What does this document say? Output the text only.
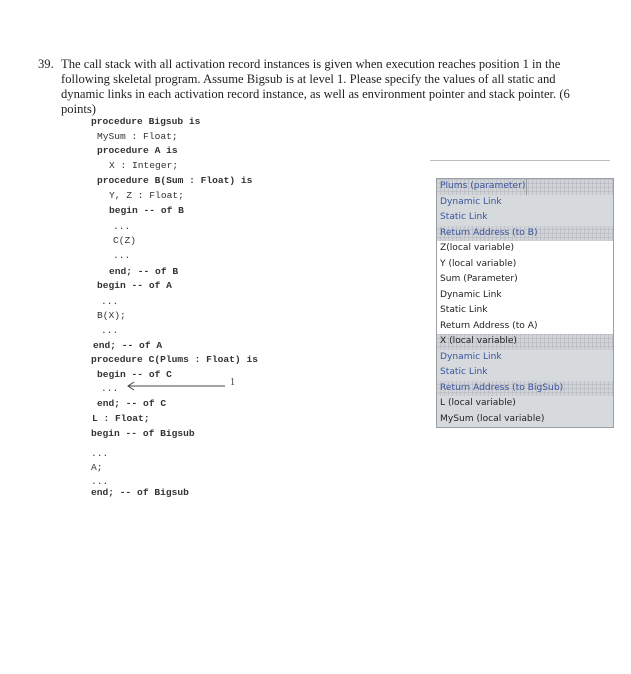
39. The call stack with all activation record instances is given when execution reaches position 1 in the following skeletal program. Assume Bigsub is at level 1. Please specify the values of all static and dynamic links in each activation record instance, as well as environment pointer and stack pointer. (6 points)
procedure Bigsub is
MySum : Float;
procedure A is
X : Integer;
procedure B(Sum : Float) is
Y, Z : Float;
begin -- of B
...
C(Z)
...
end; -- of B
begin -- of A
...
B(X);
...
end; -- of A
procedure C(Plums : Float) is
begin -- of C
...
end; -- of C
L : Float;
begin -- of Bigsub
...
A;
...
end; -- of Bigsub
1
Plums (parameter)
Dynamic Link
Static Link
Return Address (to B)
Z(local variable)
Y (local variable)
Sum (Parameter)
Dynamic Link
Static Link
Return Address (to A)
X (local variable)
Dynamic Link
Static Link
Return Address (to BigSub)
L (local variable)
MySum (local variable)
